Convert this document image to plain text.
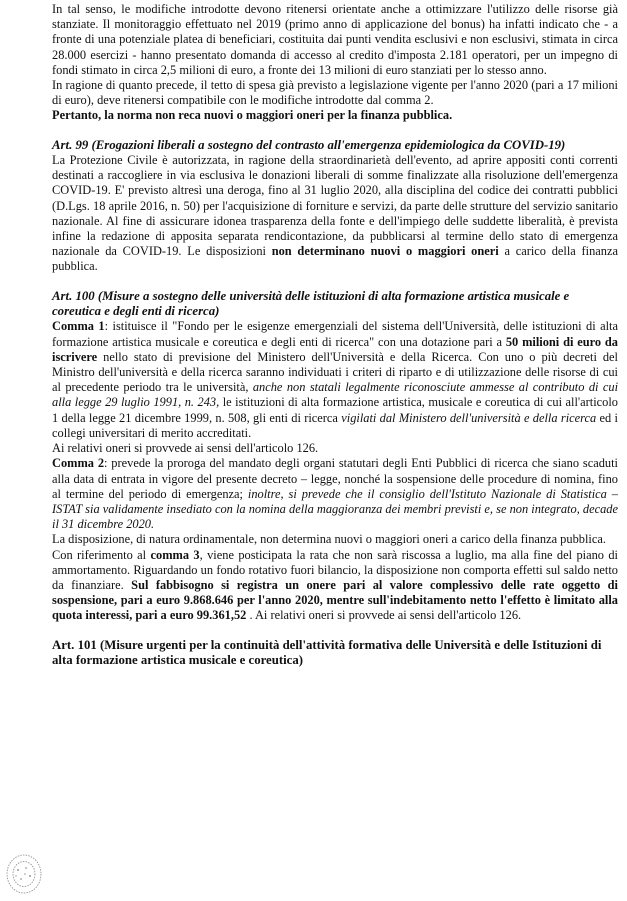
In tal senso, le modifiche introdotte devono ritenersi orientate anche a ottimizzare l'utilizzo delle risorse già stanziate. Il monitoraggio effettuato nel 2019 (primo anno di applicazione del bonus) ha infatti indicato che - a fronte di una potenziale platea di beneficiari, costituita dai punti vendita esclusivi e non esclusivi, stimata in circa 28.000 esercizi - hanno presentato domanda di accesso al credito d'imposta 2.181 operatori, per un impegno di fondi stimato in circa 2,5 milioni di euro, a fronte dei 13 milioni di euro stanziati per lo stesso anno.

In ragione di quanto precede, il tetto di spesa già previsto a legislazione vigente per l'anno 2020 (pari a 17 milioni di euro), deve ritenersi compatibile con le modifiche introdotte dal comma 2.

Pertanto, la norma non reca nuovi o maggiori oneri per la finanza pubblica.

Art. 99 (Erogazioni liberali a sostegno del contrasto all'emergenza epidemiologica da COVID-19)

La Protezione Civile è autorizzata, in ragione della straordinarietà dell'evento, ad aprire appositi conti correnti destinati a raccogliere in via esclusiva le donazioni liberali di somme finalizzate alla risoluzione dell'emergenza COVID-19. E' previsto altresì una deroga, fino al 31 luglio 2020, alla disciplina del codice dei contratti pubblici (D.Lgs. 18 aprile 2016, n. 50) per l'acquisizione di forniture e servizi, da parte delle strutture del servizio sanitario nazionale. Al fine di assicurare idonea trasparenza della fonte e dell'impiego delle suddette liberalità, è prevista infine la redazione di apposita separata rendicontazione, da pubblicarsi al termine dello stato di emergenza nazionale da COVID-19. Le disposizioni non determinano nuovi o maggiori oneri a carico della finanza pubblica.

Art. 100 (Misure a sostegno delle università delle istituzioni di alta formazione artistica musicale e coreutica e degli enti di ricerca)

Comma 1: istituisce il "Fondo per le esigenze emergenziali del sistema dell'Università, delle istituzioni di alta formazione artistica musicale e coreutica e degli enti di ricerca" con una dotazione pari a 50 milioni di euro da iscrivere nello stato di previsione del Ministero dell'Università e della Ricerca. Con uno o più decreti del Ministro dell'università e della ricerca saranno individuati i criteri di riparto e di utilizzazione delle risorse di cui al precedente periodo tra le università, anche non statali legalmente riconosciute ammesse al contributo di cui alla legge 29 luglio 1991, n. 243, le istituzioni di alta formazione artistica, musicale e coreutica di cui all'articolo 1 della legge 21 dicembre 1999, n. 508, gli enti di ricerca vigilati dal Ministero dell'università e della ricerca ed i collegi universitari di merito accreditati.

Ai relativi oneri si provvede ai sensi dell'articolo 126.

Comma 2: prevede la proroga del mandato degli organi statutari degli Enti Pubblici di ricerca che siano scaduti alla data di entrata in vigore del presente decreto – legge, nonché la sospensione delle procedure di nomina, fino al termine del periodo di emergenza; inoltre, si prevede che il consiglio dell'Istituto Nazionale di Statistica – ISTAT sia validamente insediato con la nomina della maggioranza dei membri previsti e, se non integrato, decade il 31 dicembre 2020.

La disposizione, di natura ordinamentale, non determina nuovi o maggiori oneri a carico della finanza pubblica.

Con riferimento al comma 3, viene posticipata la rata che non sarà riscossa a luglio, ma alla fine del piano di ammortamento. Riguardando un fondo rotativo fuori bilancio, la disposizione non comporta effetti sul saldo netto da finanziare. Sul fabbisogno si registra un onere pari al valore complessivo delle rate oggetto di sospensione, pari a euro 9.868.646 per l'anno 2020, mentre sull'indebitamento netto l'effetto è limitato alla quota interessi, pari a euro 99.361,52 . Ai relativi oneri si provvede ai sensi dell'articolo 126.

Art. 101 (Misure urgenti per la continuità dell'attività formativa delle Università e delle Istituzioni di alta formazione artistica musicale e coreutica)
